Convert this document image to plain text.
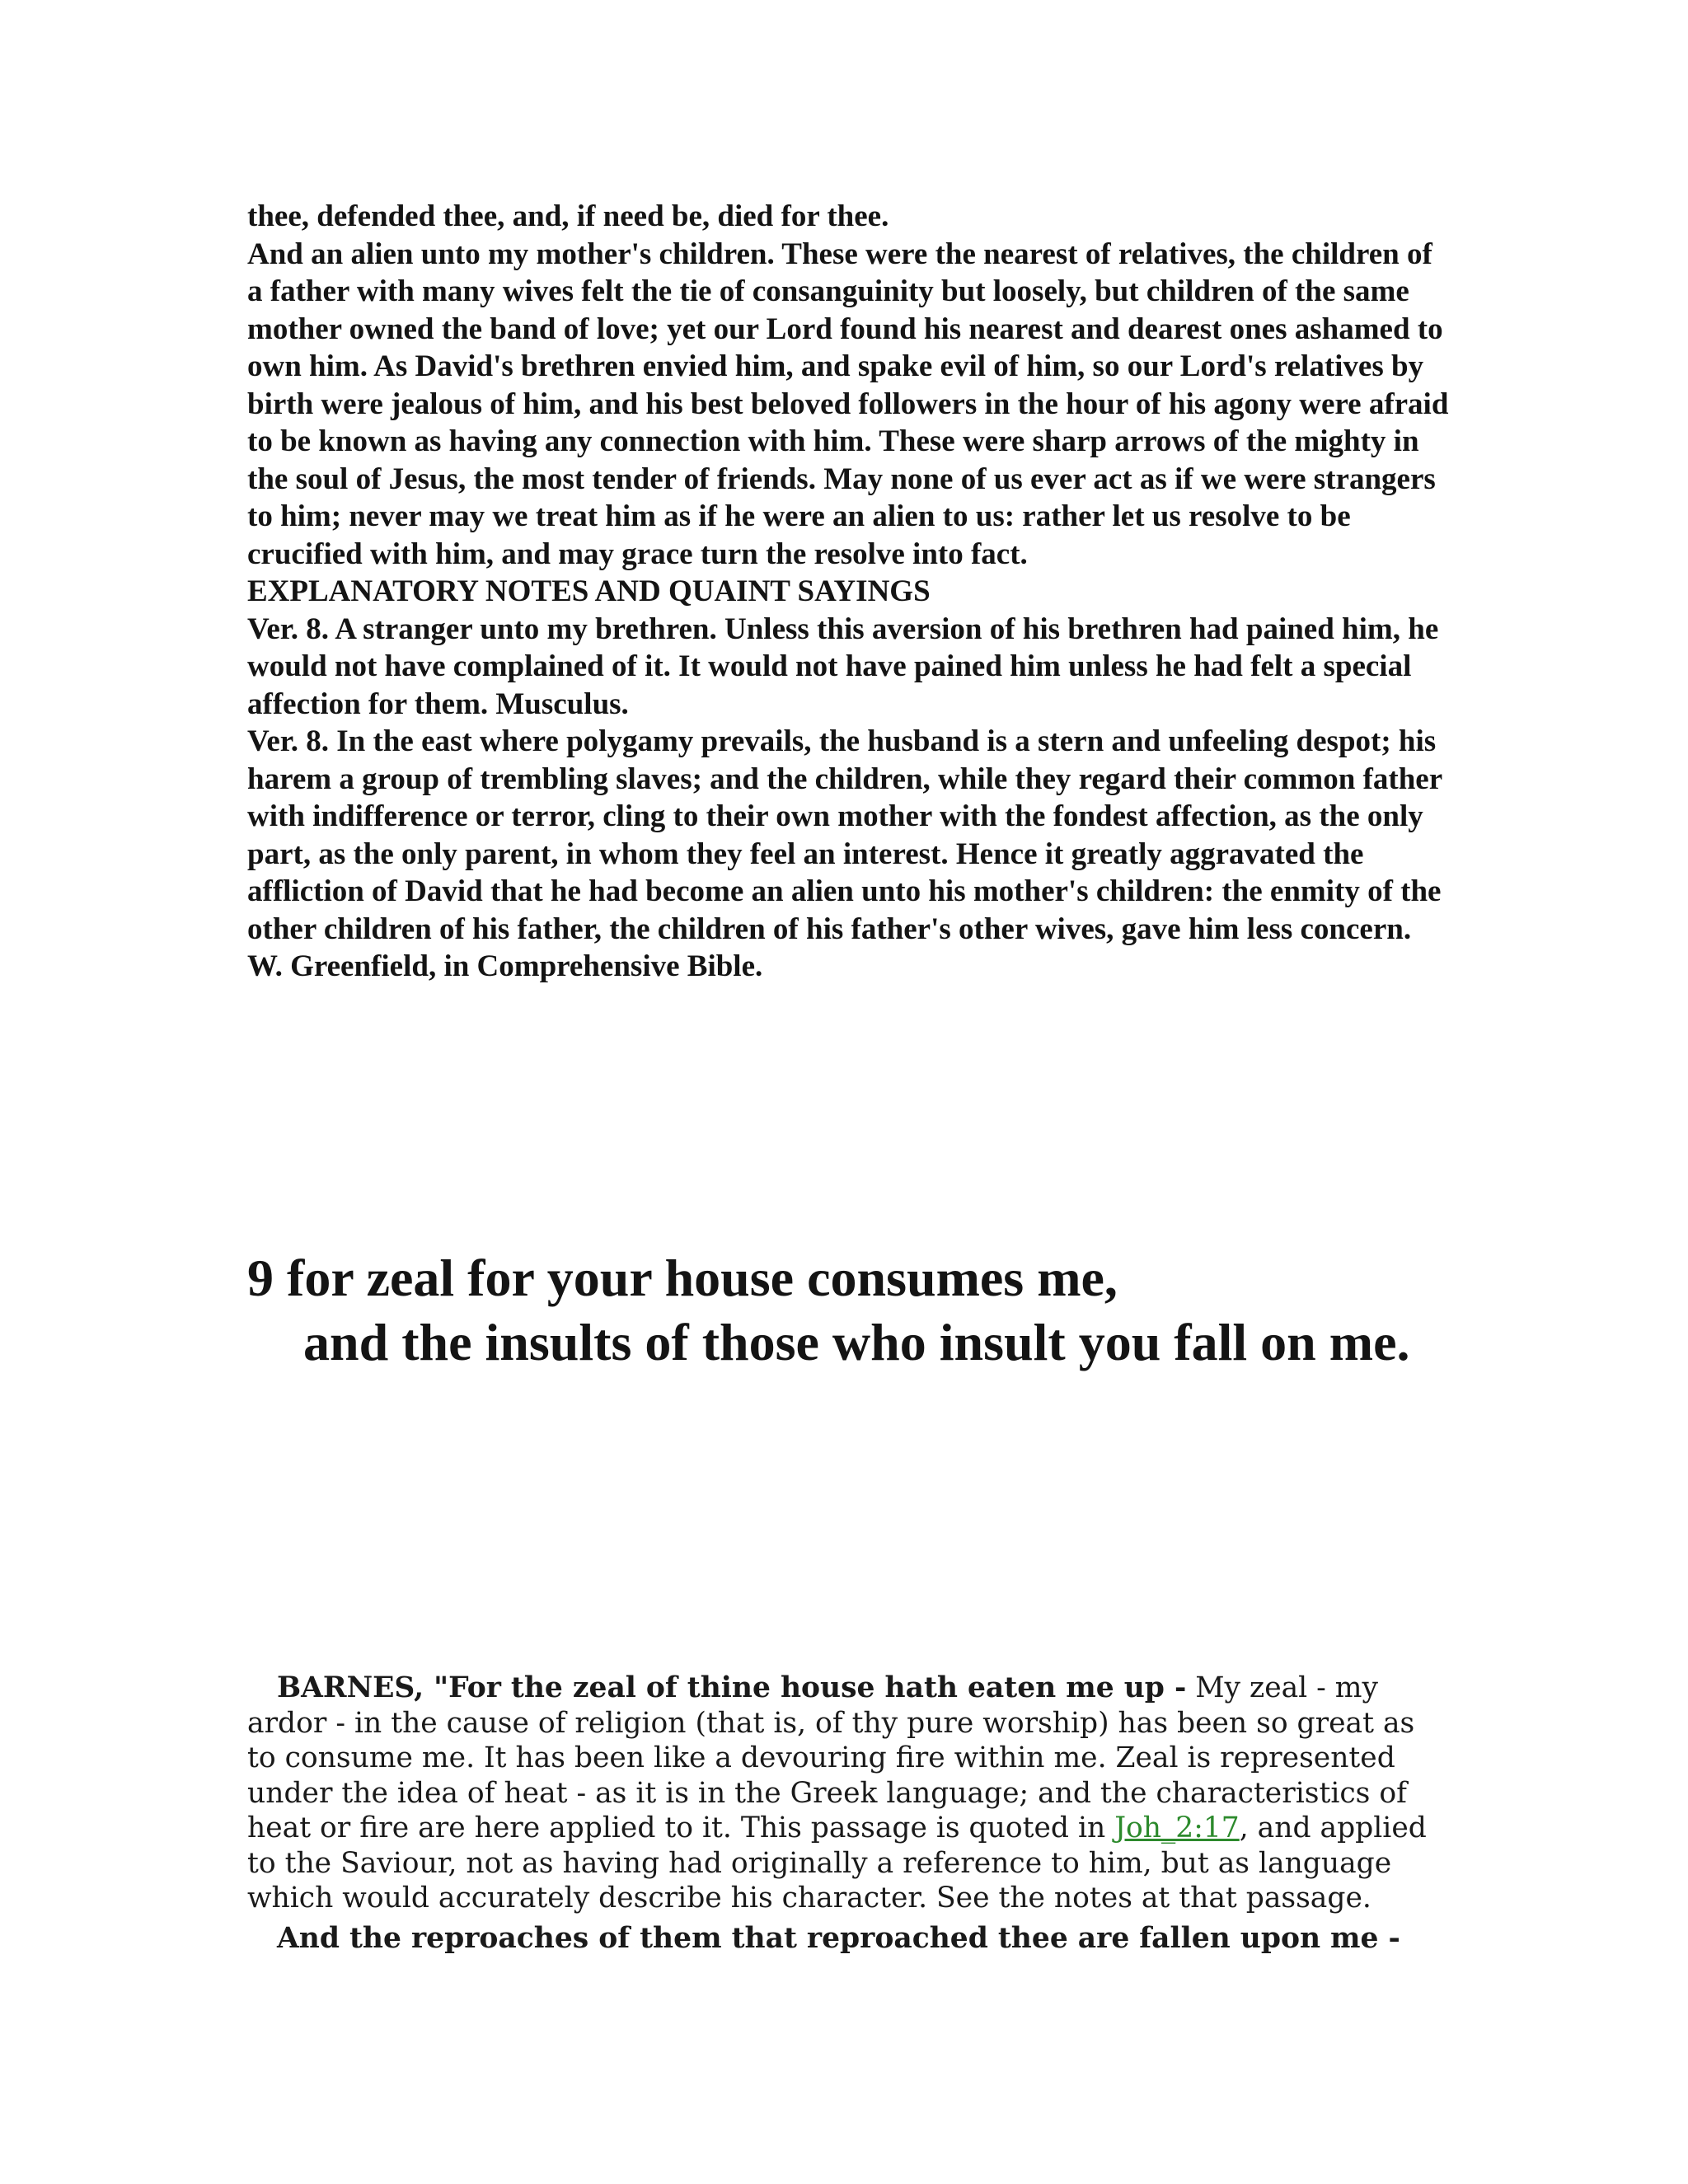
thee, defended thee, and, if need be, died for thee.

And an alien unto my mother's children. These were the nearest of relatives, the children of a father with many wives felt the tie of consanguinity but loosely, but children of the same mother owned the band of love; yet our Lord found his nearest and dearest ones ashamed to own him. As David's brethren envied him, and spake evil of him, so our Lord's relatives by birth were jealous of him, and his best beloved followers in the hour of his agony were afraid to be known as having any connection with him. These were sharp arrows of the mighty in the soul of Jesus, the most tender of friends. May none of us ever act as if we were strangers to him; never may we treat him as if he were an alien to us: rather let us resolve to be crucified with him, and may grace turn the resolve into fact.

EXPLANATORY NOTES AND QUAINT SAYINGS

Ver. 8. A stranger unto my brethren. Unless this aversion of his brethren had pained him, he would not have complained of it. It would not have pained him unless he had felt a special affection for them. Musculus.

Ver. 8. In the east where polygamy prevails, the husband is a stern and unfeeling despot; his harem a group of trembling slaves; and the children, while they regard their common father with indifference or terror, cling to their own mother with the fondest affection, as the only part, as the only parent, in whom they feel an interest. Hence it greatly aggravated the affliction of David that he had become an alien unto his mother's children: the enmity of the other children of his father, the children of his father's other wives, gave him less concern. W. Greenfield, in Comprehensive Bible.

9 for zeal for your house consumes me,

and the insults of those who insult you fall on me.

BARNES, "For the zeal of thine house hath eaten me up - My zeal - my ardor - in the cause of religion (that is, of thy pure worship) has been so great as to consume me. It has been like a devouring fire within me. Zeal is represented under the idea of heat - as it is in the Greek language; and the characteristics of heat or fire are here applied to it. This passage is quoted in Joh_2:17, and applied to the Saviour, not as having had originally a reference to him, but as language which would accurately describe his character. See the notes at that passage.

And the reproaches of them that reproached thee are fallen upon me -
